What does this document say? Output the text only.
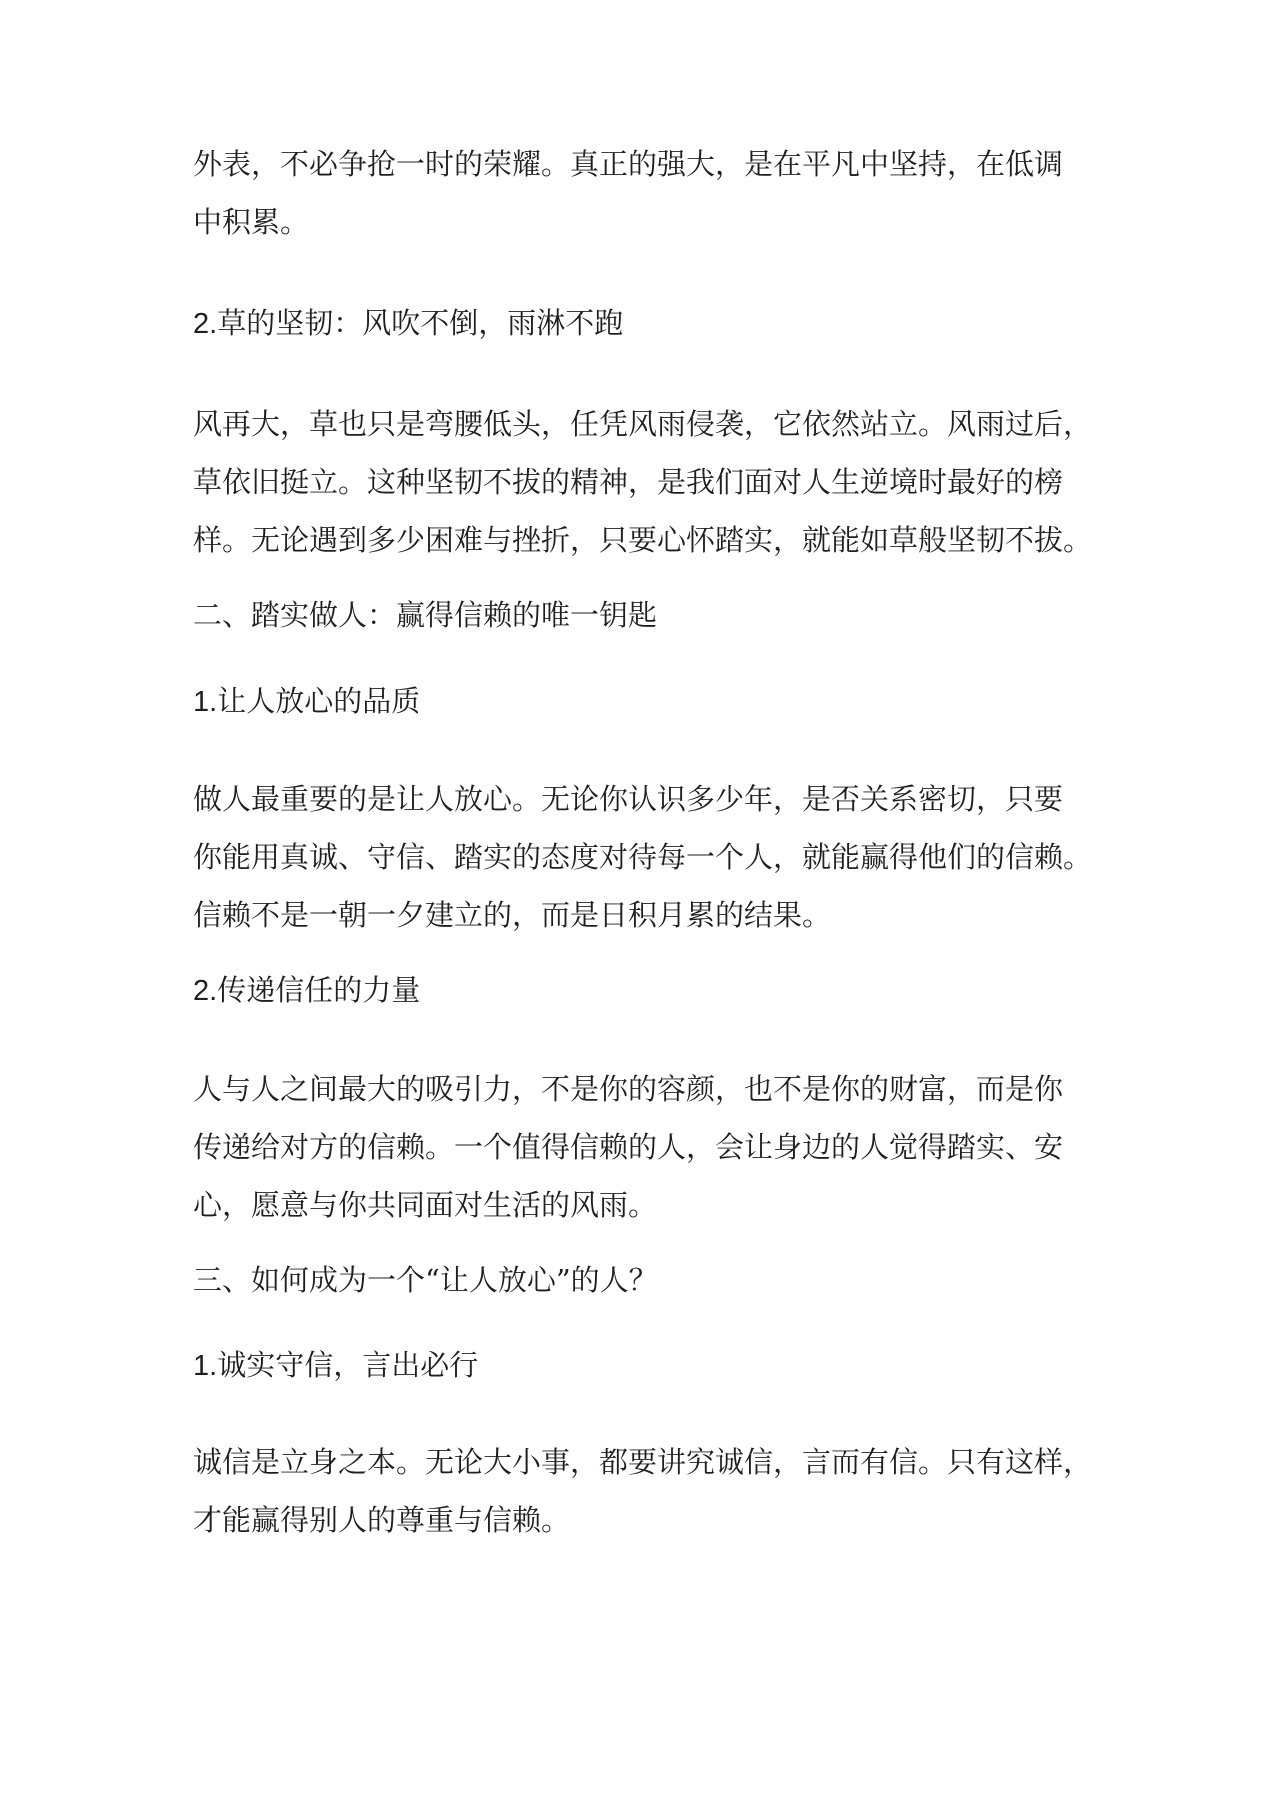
外表，不必争抢一时的荣耀。真正的强大，是在平凡中坚持，在低调
中积累。

2.草的坚韧：风吹不倒，雨淋不跑

风再大，草也只是弯腰低头，任凭风雨侵袭，它依然站立。风雨过后，
草依旧挺立。这种坚韧不拔的精神，是我们面对人生逆境时最好的榜
样。无论遇到多少困难与挫折，只要心怀踏实，就能如草般坚韧不拔。

二、踏实做人：赢得信赖的唯一钥匙

1.让人放心的品质

做人最重要的是让人放心。无论你认识多少年，是否关系密切，只要
你能用真诚、守信、踏实的态度对待每一个人，就能赢得他们的信赖。
信赖不是一朝一夕建立的，而是日积月累的结果。

2.传递信任的力量

人与人之间最大的吸引力，不是你的容颜，也不是你的财富，而是你
传递给对方的信赖。一个值得信赖的人，会让身边的人觉得踏实、安
心，愿意与你共同面对生活的风雨。

三、如何成为一个“让人放心”的人？

1.诚实守信，言出必行

诚信是立身之本。无论大小事，都要讲究诚信，言而有信。只有这样，
才能赢得别人的尊重与信赖。
